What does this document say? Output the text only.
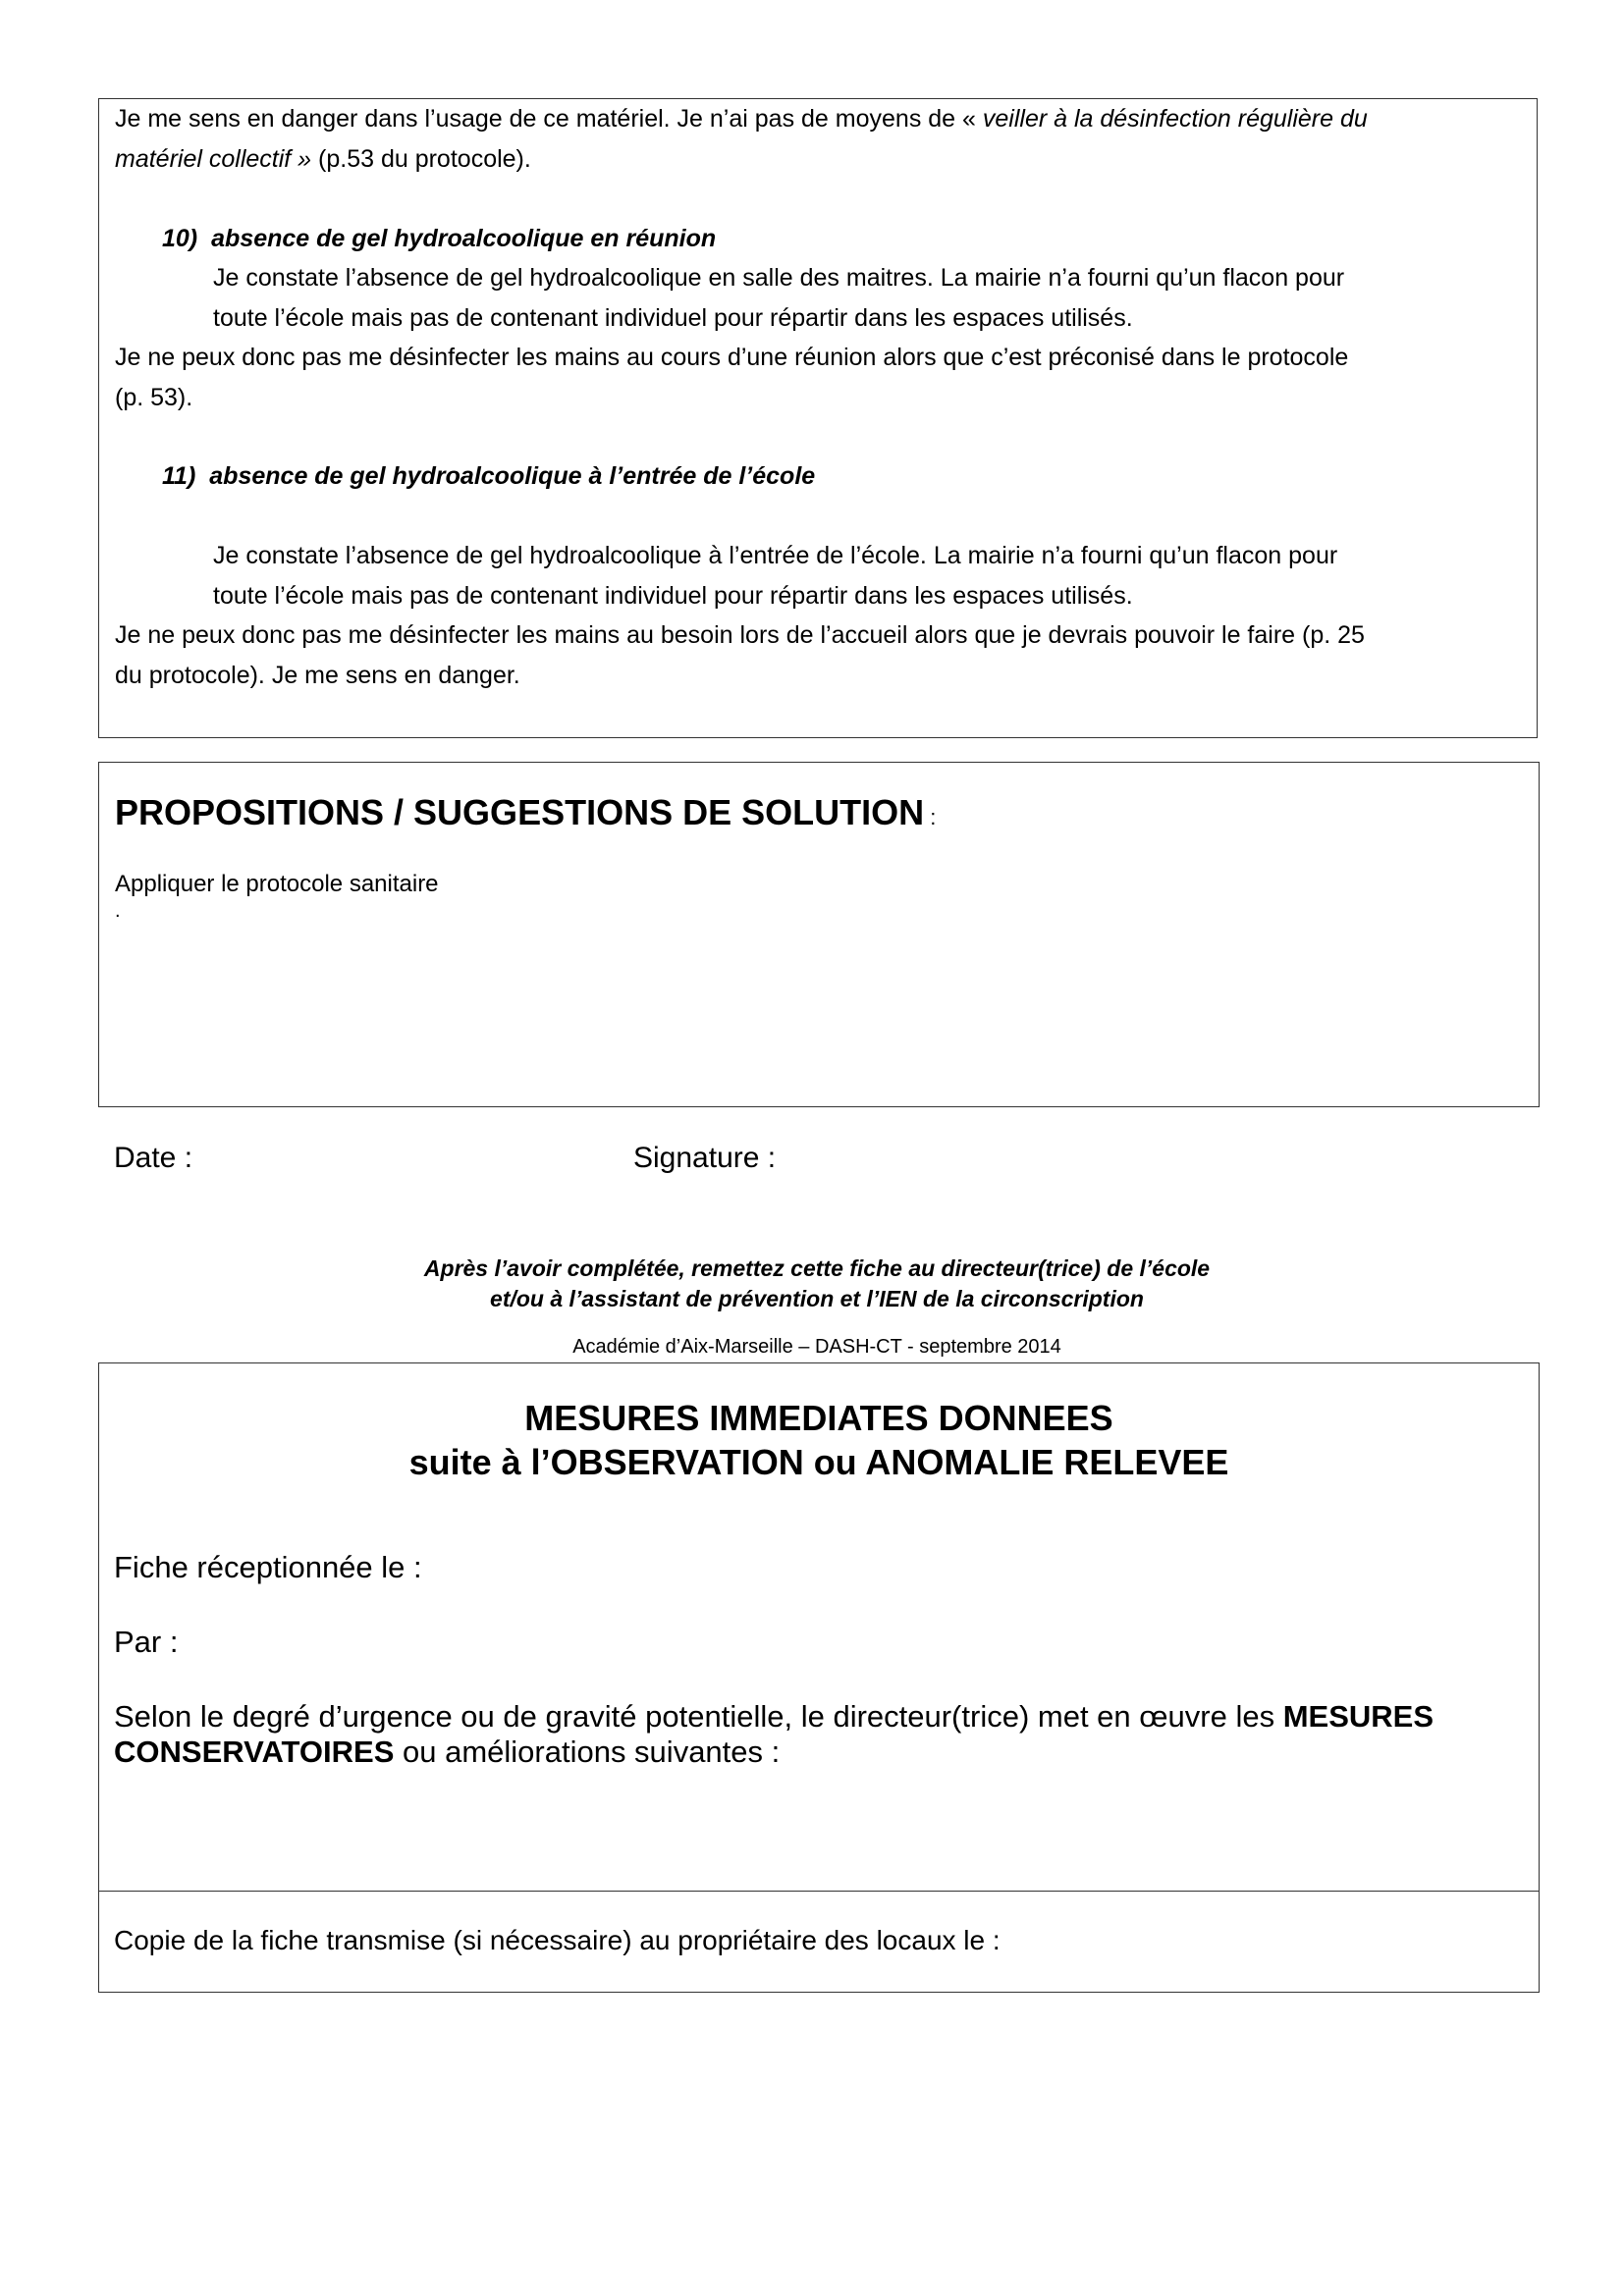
Je me sens en danger dans l’usage de ce matériel. Je n’ai pas de moyens de « veiller à la désinfection régulière du
matériel collectif » (p.53 du protocole).
10) absence de gel hydroalcoolique en réunion
Je constate l’absence de gel hydroalcoolique en salle des maitres. La mairie n’a fourni qu’un flacon pour
toute l’école mais pas de contenant individuel pour répartir dans les espaces utilisés.
Je ne peux donc pas me désinfecter les mains au cours d’une réunion alors que c’est préconisé dans le protocole
(p. 53).
11) absence de gel hydroalcoolique à l’entrée de l’école
Je constate l’absence de gel hydroalcoolique à l’entrée de l’école. La mairie n’a fourni qu’un flacon pour
toute l’école mais pas de contenant individuel pour répartir dans les espaces utilisés.
Je ne peux donc pas me désinfecter les mains au besoin lors de l’accueil alors que je devrais pouvoir le faire (p. 25
du protocole). Je me sens en danger.
PROPOSITIONS / SUGGESTIONS DE SOLUTION :
Appliquer le protocole sanitaire
.
Date :	Signature :
Après l’avoir complétée, remettez cette fiche au directeur(trice) de l’école
et/ou à l’assistant de prévention et l’IEN de la circonscription
Académie d’Aix-Marseille – DASH-CT - septembre 2014
MESURES IMMEDIATES DONNEES
suite à l’OBSERVATION ou ANOMALIE RELEVEE
Fiche réceptionnée le :
Par :
Selon le degré d’urgence ou de gravité potentielle, le directeur(trice) met en œuvre les MESURES
CONSERVATOIRES ou améliorations suivantes :
Copie de la fiche transmise (si nécessaire) au propriétaire des locaux le :
